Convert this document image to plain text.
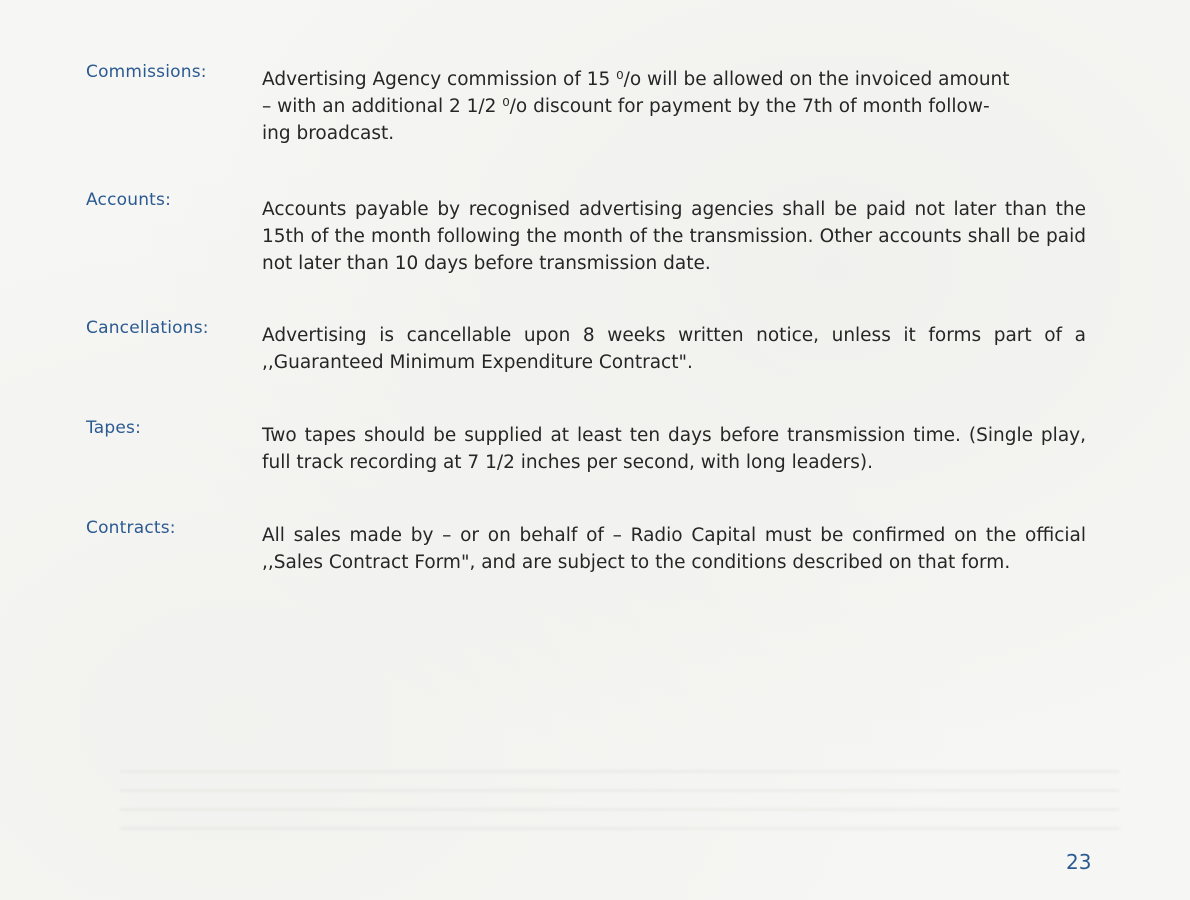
Commissions:	Advertising Agency commission of 15 ⁰/o will be allowed on the invoiced amount
– with an additional 2 1/2 ⁰/o discount for payment by the 7th of month follow-
ing broadcast.
Accounts:	Accounts payable by recognised advertising agencies shall be paid not later than the 15th of the month following the month of the transmission. Other accounts shall be paid not later than 10 days before transmission date.
Cancellations:	Advertising is cancellable upon 8 weeks written notice, unless it forms part of a ,,Guaranteed Minimum Expenditure Contract".
Tapes:	Two tapes should be supplied at least ten days before transmission time. (Single play, full track recording at 7 1/2 inches per second, with long leaders).
Contracts:	All sales made by – or on behalf of – Radio Capital must be confirmed on the official ,,Sales Contract Form", and are subject to the conditions described on that form.
23
